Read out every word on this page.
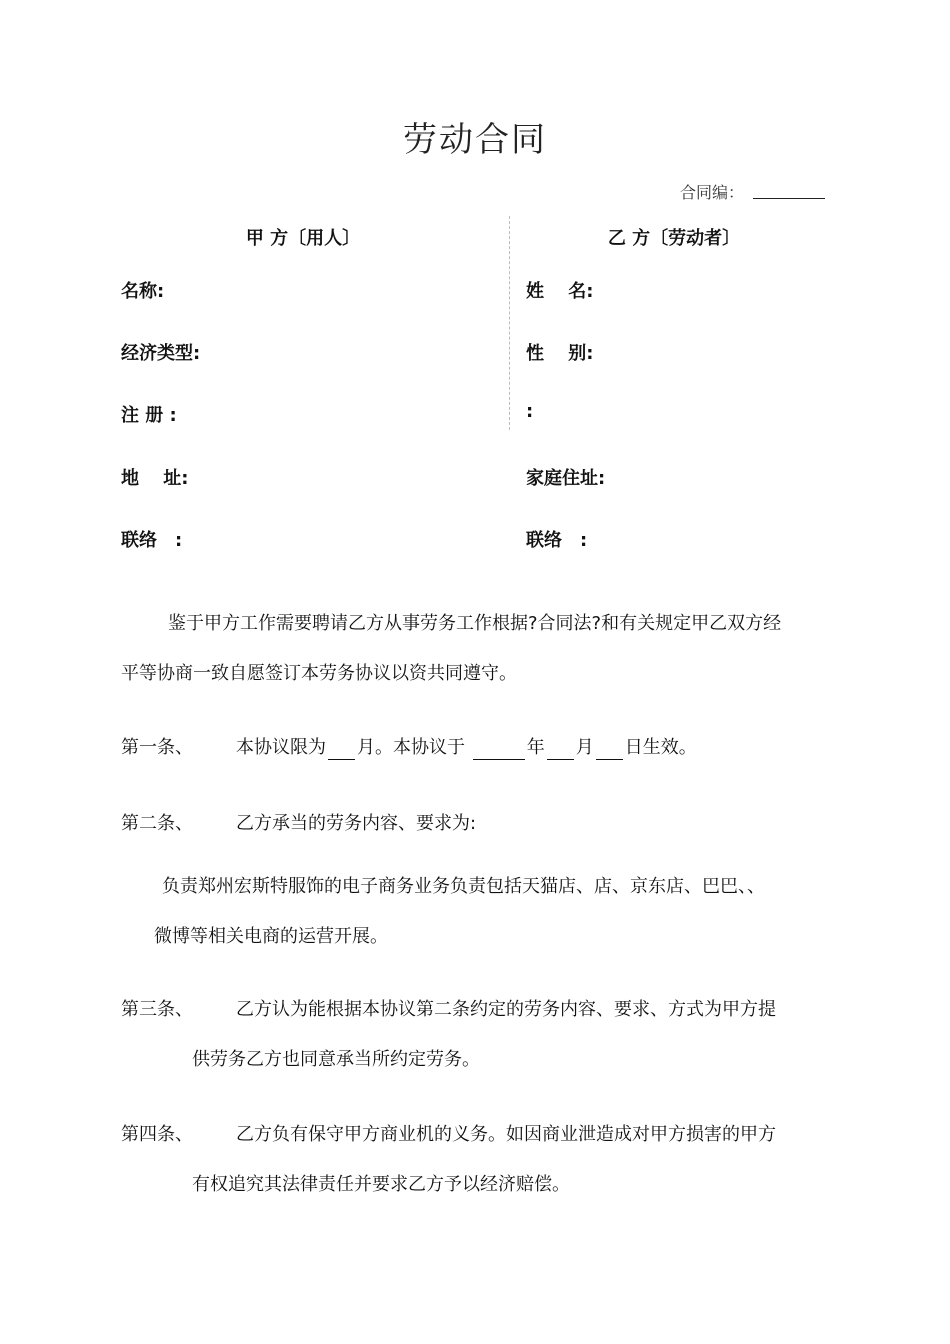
劳动合同
合同编：
甲 方〔用人〕	乙 方〔劳动者〕
名称:
经济类型:
注 册 :
地　 址:
联络　:
姓　 名:
性　 别:
:
家庭住址:
联络　:
鉴于甲方工作需要聘请乙方从事劳务工作根据?合同法?和有关规定甲乙双方经
平等协商一致自愿签订本劳务协议以资共同遵守。
第一条、 本协议限为 月。本协议于	年 月 日生效。
第二条、 乙方承当的劳务内容、要求为:
负责郑州宏斯特服饰的电子商务业务负责包括天猫店、店、京东店、巴巴、、
微博等相关电商的运营开展。
第三条、 乙方认为能根据本协议第二条约定的劳务内容、要求、方式为甲方提
供劳务乙方也同意承当所约定劳务。
第四条、 乙方负有保守甲方商业机的义务。如因商业泄造成对甲方损害的甲方
有权追究其法律责任并要求乙方予以经济赔偿。
